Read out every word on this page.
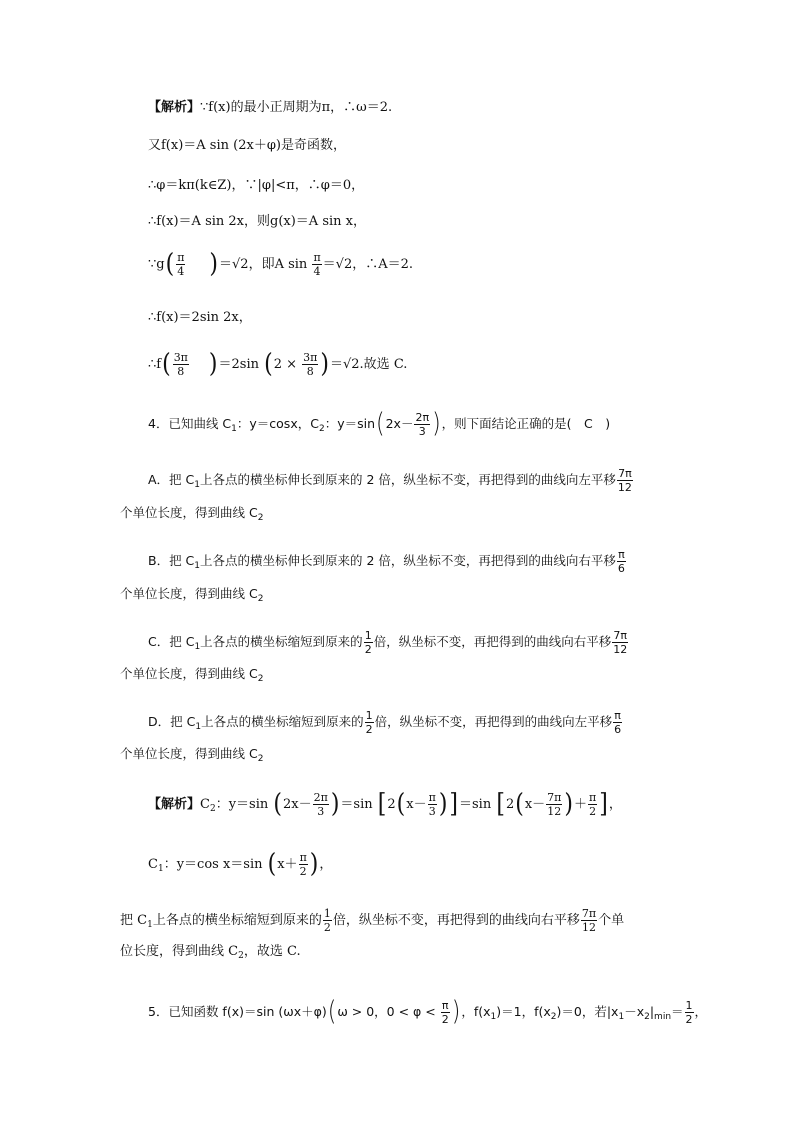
【解析】∵f(x)的最小正周期为π，∴ω＝2.
又f(x)＝A sin (2x＋φ)是奇函数，
∴φ＝kπ(k∈Z)，∵|φ|<π，∴φ＝0，
∴f(x)＝A sin 2x，则g(x)＝A sin x，
∵g( $\frac{\pi}{4} )=√2$，即A $\sin \frac{\pi}{4} =√2$，∴A＝2.
∴f(x)＝2sin 2x，
∴f( $\frac{3\pi}{8} )=2\sin$ $(2 \times \frac{3\pi}{8} )=√2$.故选 C.
4．已知曲线 $C_1$：y＝cosx，$C_2$：$y=\sin(2x- \frac{2\pi}{3}$ )，则下面结论正确的是(　C　)
A．把 $C_1$上各点的横坐标伸长到原来的 2 倍，纵坐标不变，再把得到的曲线向左平移 $\frac{7\pi}{12}$
个单位长度，得到曲线 $C_2$
B．把 $C_1$上各点的横坐标伸长到原来的 2 倍，纵坐标不变，再把得到的曲线向右平移 $\frac{\pi}{6}$
个单位长度，得到曲线 $C_2$
C．把 $C_1$上各点的横坐标缩短到原来的 $\frac{1}{2}$ 倍，纵坐标不变，再把得到的曲线向右平移 $\frac{7\pi}{12}$
个单位长度，得到曲线 $C_2$
D．把 $C_1$上各点的横坐标缩短到原来的 $\frac{1}{2}$ 倍，纵坐标不变，再把得到的曲线向左平移 $\frac{\pi}{6}$
个单位长度，得到曲线 $C_2$
【解析】$C_2$：y＝sin $(2x- \frac{2\pi}{3} )=\sin$ $[2(x- \frac{\pi}{3} )]=\sin$ [$2(x- \frac{7\pi}{12}$ )＋ $\frac{\pi}{2}$ ]，
$C_1$：y＝cos x＝sin ($x+ \frac{\pi}{2}$ )，
把 $C_1$上各点的横坐标缩短到原来的 $\frac{1}{2}$ 倍，纵坐标不变，再把得到的曲线向右平移 $\frac{7\pi}{12}$ 个单
位长度，得到曲线 $C_2$，故选 C.
5．已知函数 f(x)＝sin (ωx＋φ)(ω > 0，$0 < \varphi < \frac{\pi}{2}$ )，$f(x_1)=1$，$f(x_2)=0$，若$|x_1-x_2|_{min}= \frac{1}{2}$ ，
